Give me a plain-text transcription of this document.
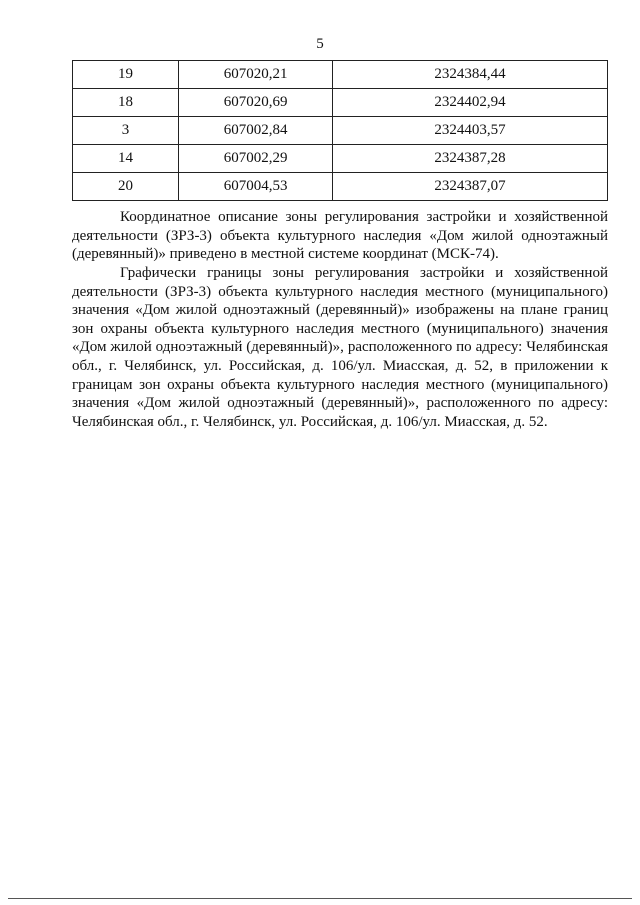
5
19	607020,21	2324384,44
18	607020,69	2324402,94
3	607002,84	2324403,57
14	607002,29	2324387,28
20	607004,53	2324387,07

Координатное описание зоны регулирования застройки и хозяйственной деятельности (ЗРЗ-3) объекта культурного наследия «Дом жилой одноэтажный (деревянный)» приведено в местной системе координат (МСК-74).

Графически границы зоны регулирования застройки и хозяйственной деятельности (ЗРЗ-3) объекта культурного наследия местного (муниципального) значения «Дом жилой одноэтажный (деревянный)» изображены на плане границ зон охраны объекта культурного наследия местного (муниципального) значения «Дом жилой одноэтажный (деревянный)», расположенного по адресу: Челябинская обл., г. Челябинск, ул. Российская, д. 106/ул. Миасская, д. 52, в приложении к границам зон охраны объекта культурного наследия местного (муниципального) значения «Дом жилой одноэтажный (деревянный)», расположенного по адресу: Челябинская обл., г. Челябинск, ул. Российская, д. 106/ул. Миасская, д. 52.
